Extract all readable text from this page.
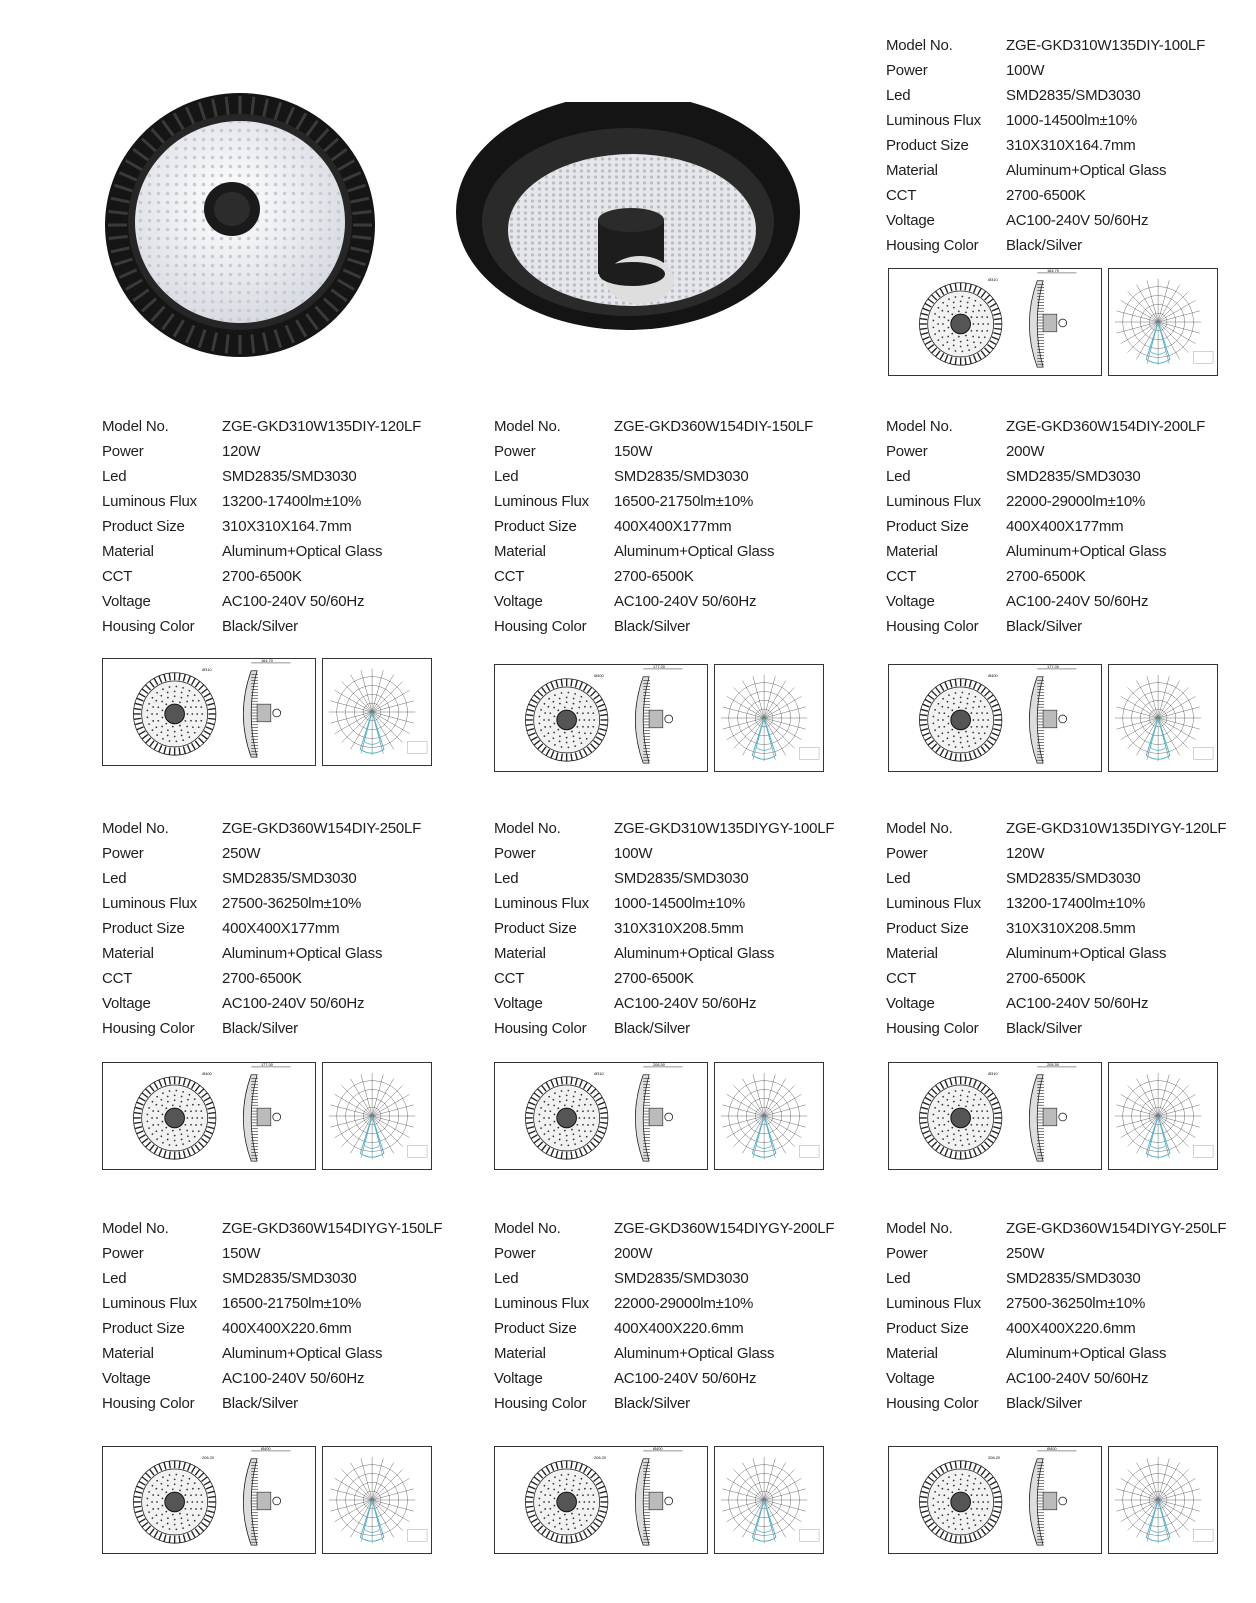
Model No.	ZGE-GKD310W135DIY-100LF
Power	100W
Led	SMD2835/SMD3030
Luminous Flux	1000-14500lm±10%
Product Size	310X310X164.7mm
Material	Aluminum+Optical Glass
CCT	2700-6500K
Voltage	AC100-240V 50/60Hz
Housing Color	Black/Silver
164.70
Ø310
Model No.	ZGE-GKD310W135DIY-120LF
Power	120W
Led	SMD2835/SMD3030
Luminous Flux	13200-17400lm±10%
Product Size	310X310X164.7mm
Material	Aluminum+Optical Glass
CCT	2700-6500K
Voltage	AC100-240V 50/60Hz
Housing Color	Black/Silver
164.70
Ø310
Model No.	ZGE-GKD360W154DIY-150LF
Power	150W
Led	SMD2835/SMD3030
Luminous Flux	16500-21750lm±10%
Product Size	400X400X177mm
Material	Aluminum+Optical Glass
CCT	2700-6500K
Voltage	AC100-240V 50/60Hz
Housing Color	Black/Silver
177.00
Ø400
Model No.	ZGE-GKD360W154DIY-200LF
Power	200W
Led	SMD2835/SMD3030
Luminous Flux	22000-29000lm±10%
Product Size	400X400X177mm
Material	Aluminum+Optical Glass
CCT	2700-6500K
Voltage	AC100-240V 50/60Hz
Housing Color	Black/Silver
177.00
Ø400
Model No.	ZGE-GKD360W154DIY-250LF
Power	250W
Led	SMD2835/SMD3030
Luminous Flux	27500-36250lm±10%
Product Size	400X400X177mm
Material	Aluminum+Optical Glass
CCT	2700-6500K
Voltage	AC100-240V 50/60Hz
Housing Color	Black/Silver
177.00
Ø400
Model No.	ZGE-GKD310W135DIYGY-100LF
Power	100W
Led	SMD2835/SMD3030
Luminous Flux	1000-14500lm±10%
Product Size	310X310X208.5mm
Material	Aluminum+Optical Glass
CCT	2700-6500K
Voltage	AC100-240V 50/60Hz
Housing Color	Black/Silver
208.50
Ø310
Model No.	ZGE-GKD310W135DIYGY-120LF
Power	120W
Led	SMD2835/SMD3030
Luminous Flux	13200-17400lm±10%
Product Size	310X310X208.5mm
Material	Aluminum+Optical Glass
CCT	2700-6500K
Voltage	AC100-240V 50/60Hz
Housing Color	Black/Silver
208.50
Ø310
Model No.	ZGE-GKD360W154DIYGY-150LF
Power	150W
Led	SMD2835/SMD3030
Luminous Flux	16500-21750lm±10%
Product Size	400X400X220.6mm
Material	Aluminum+Optical Glass
Voltage	AC100-240V 50/60Hz
Housing Color	Black/Silver
Ø400
206.20
Model No.	ZGE-GKD360W154DIYGY-200LF
Power	200W
Led	SMD2835/SMD3030
Luminous Flux	22000-29000lm±10%
Product Size	400X400X220.6mm
Material	Aluminum+Optical Glass
Voltage	AC100-240V 50/60Hz
Housing Color	Black/Silver
Ø400
206.20
Model No.	ZGE-GKD360W154DIYGY-250LF
Power	250W
Led	SMD2835/SMD3030
Luminous Flux	27500-36250lm±10%
Product Size	400X400X220.6mm
Material	Aluminum+Optical Glass
Voltage	AC100-240V 50/60Hz
Housing Color	Black/Silver
Ø400
206.20
